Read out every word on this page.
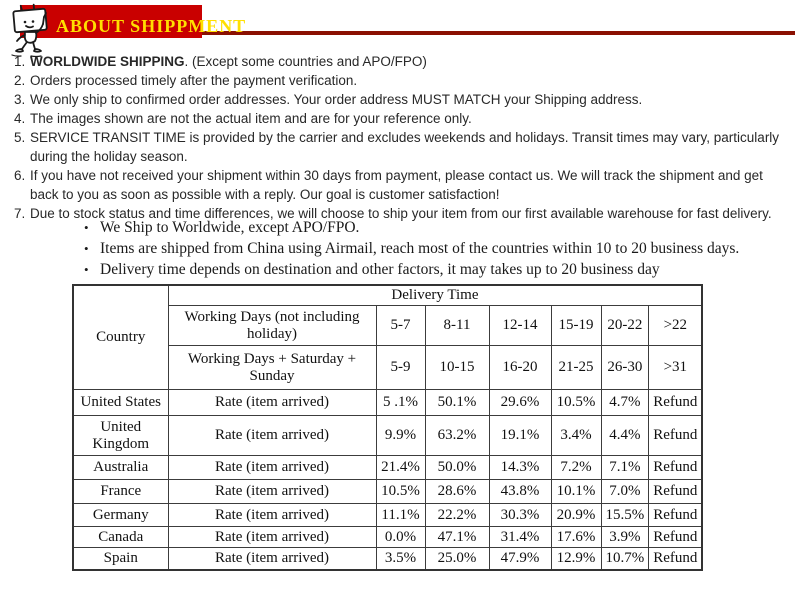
ABOUT SHIPPMENT
1. WORLDWIDE SHIPPING. (Except some countries and APO/FPO)
2. Orders processed timely after the payment verification.
3. We only ship to confirmed order addresses. Your order address MUST MATCH your Shipping address.
4. The images shown are not the actual item and are for your reference only.
5. SERVICE TRANSIT TIME is provided by the carrier and excludes weekends and holidays. Transit times may vary, particularly during the holiday season.
6. If you have not received your shipment within 30 days from payment, please contact us. We will track the shipment and get back to you as soon as possible with a reply. Our goal is customer satisfaction!
7. Due to stock status and time differences, we will choose to ship your item from our first available warehouse for fast delivery.
• We Ship to Worldwide, except APO/FPO.
• Items are shipped from China using Airmail, reach most of the countries within 10 to 20 business days.
• Delivery time depends on destination and other factors, it may takes up to 20 business day
Country	Delivery Time						
	Working Days (not including holiday)	5-7	8-11	12-14	15-19	20-22	>22
	Working Days + Saturday + Sunday	5-9	10-15	16-20	21-25	26-30	>31
United States	Rate (item arrived)	5 .1%	50.1%	29.6%	10.5%	4.7%	Refund
United Kingdom	Rate (item arrived)	9.9%	63.2%	19.1%	3.4%	4.4%	Refund
Australia	Rate (item arrived)	21.4%	50.0%	14.3%	7.2%	7.1%	Refund
France	Rate (item arrived)	10.5%	28.6%	43.8%	10.1%	7.0%	Refund
Germany	Rate (item arrived)	11.1%	22.2%	30.3%	20.9%	15.5%	Refund
Canada	Rate (item arrived)	0.0%	47.1%	31.4%	17.6%	3.9%	Refund
Spain	Rate (item arrived)	3.5%	25.0%	47.9%	12.9%	10.7%	Refund
